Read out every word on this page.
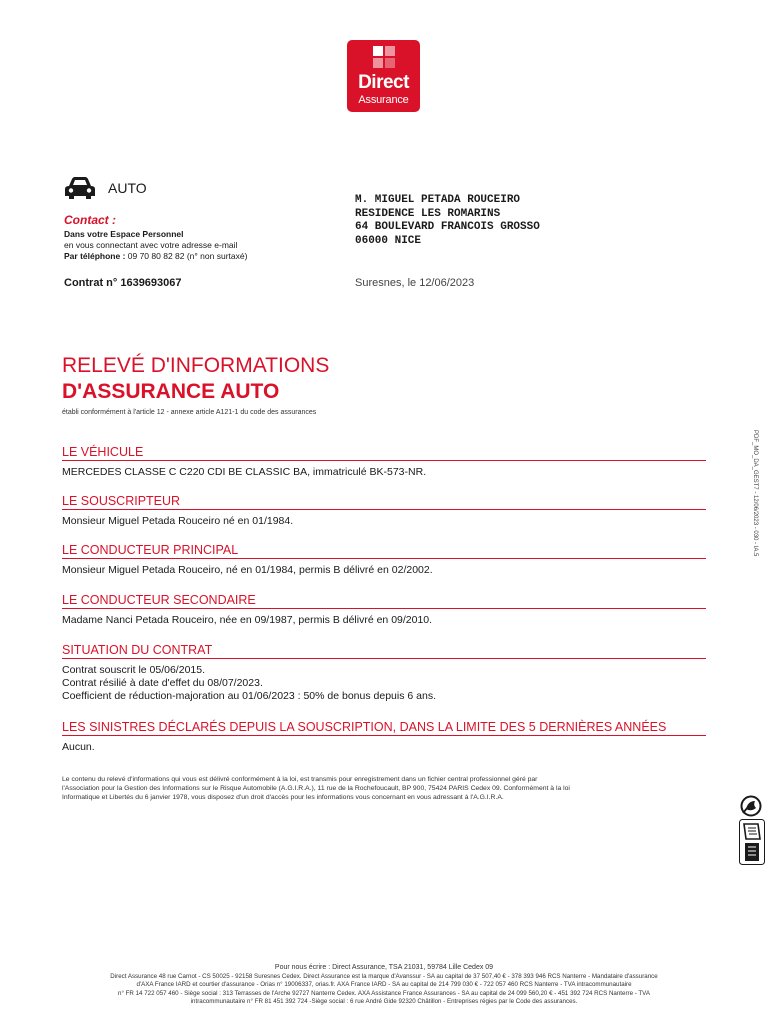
Direct
Assurance
AUTO
Contact :
Dans votre Espace Personnel
en vous connectant avec votre adresse e-mail
Par téléphone : 09 70 80 82 82 (n° non surtaxé)
Contrat n° 1639693067
M. MIGUEL PETADA ROUCEIRO
RESIDENCE LES ROMARINS
64 BOULEVARD FRANCOIS GROSSO
06000 NICE
Suresnes, le 12/06/2023
RELEVÉ D'INFORMATIONS
D'ASSURANCE AUTO
établi conformément à l'article 12 - annexe article A121-1 du code des assurances
LE VÉHICULE
MERCEDES CLASSE C C220 CDI BE CLASSIC BA, immatriculé BK-573-NR.
LE SOUSCRIPTEUR
Monsieur Miguel Petada Rouceiro né en 01/1984.
LE CONDUCTEUR PRINCIPAL
Monsieur Miguel Petada Rouceiro, né en 01/1984, permis B délivré en 02/2002.
LE CONDUCTEUR SECONDAIRE
Madame Nanci Petada Rouceiro, née en 09/1987, permis B délivré en 09/2010.
SITUATION DU CONTRAT
Contrat souscrit le 05/06/2015.
Contrat résilié à date d'effet du 08/07/2023.
Coefficient de réduction-majoration au 01/06/2023 : 50% de bonus depuis 6 ans.
LES SINISTRES DÉCLARÉS DEPUIS LA SOUSCRIPTION, DANS LA LIMITE DES 5 DERNIÈRES ANNÉES
Aucun.
PDF_MO_DA_GEST7 - 12/06/2023 - 030 - IA.5
Le contenu du relevé d'informations qui vous est délivré conformément à la loi, est transmis pour enregistrement dans un fichier central professionnel géré par
l'Association pour la Gestion des Informations sur le Risque Automobile (A.G.I.R.A.), 11 rue de la Rochefoucault, BP 900, 75424 PARIS Cedex 09. Conformément à la loi
Informatique et Libertés du 6 janvier 1978, vous disposez d'un droit d'accès pour les informations vous concernant en vous adressant à l'A.G.I.R.A.
Pour nous écrire : Direct Assurance, TSA 21031, 59784 Lille Cedex 09
Direct Assurance 48 rue Carnot - CS 50025 - 92158 Suresnes Cedex. Direct Assurance est la marque d'Avanssur - SA au capital de 37 507,40 € - 378 393 946 RCS Nanterre - Mandataire d'assurance
d'AXA France IARD et courtier d'assurance - Orias n° 19006337, orias.fr. AXA France IARD - SA au capital de 214 799 030 € - 722 057 460 RCS Nanterre - TVA intracommunautaire
n° FR 14 722 057 460 - Siège social : 313 Terrasses de l'Arche 92727 Nanterre Cedex. AXA Assistance France Assurances - SA au capital de 24 099 560,20 € - 451 392 724 RCS Nanterre - TVA
intracommunautaire n° FR 81 451 392 724 -Siège social : 6 rue André Gide 92320 Châtillon - Entreprises régies par le Code des assurances.
